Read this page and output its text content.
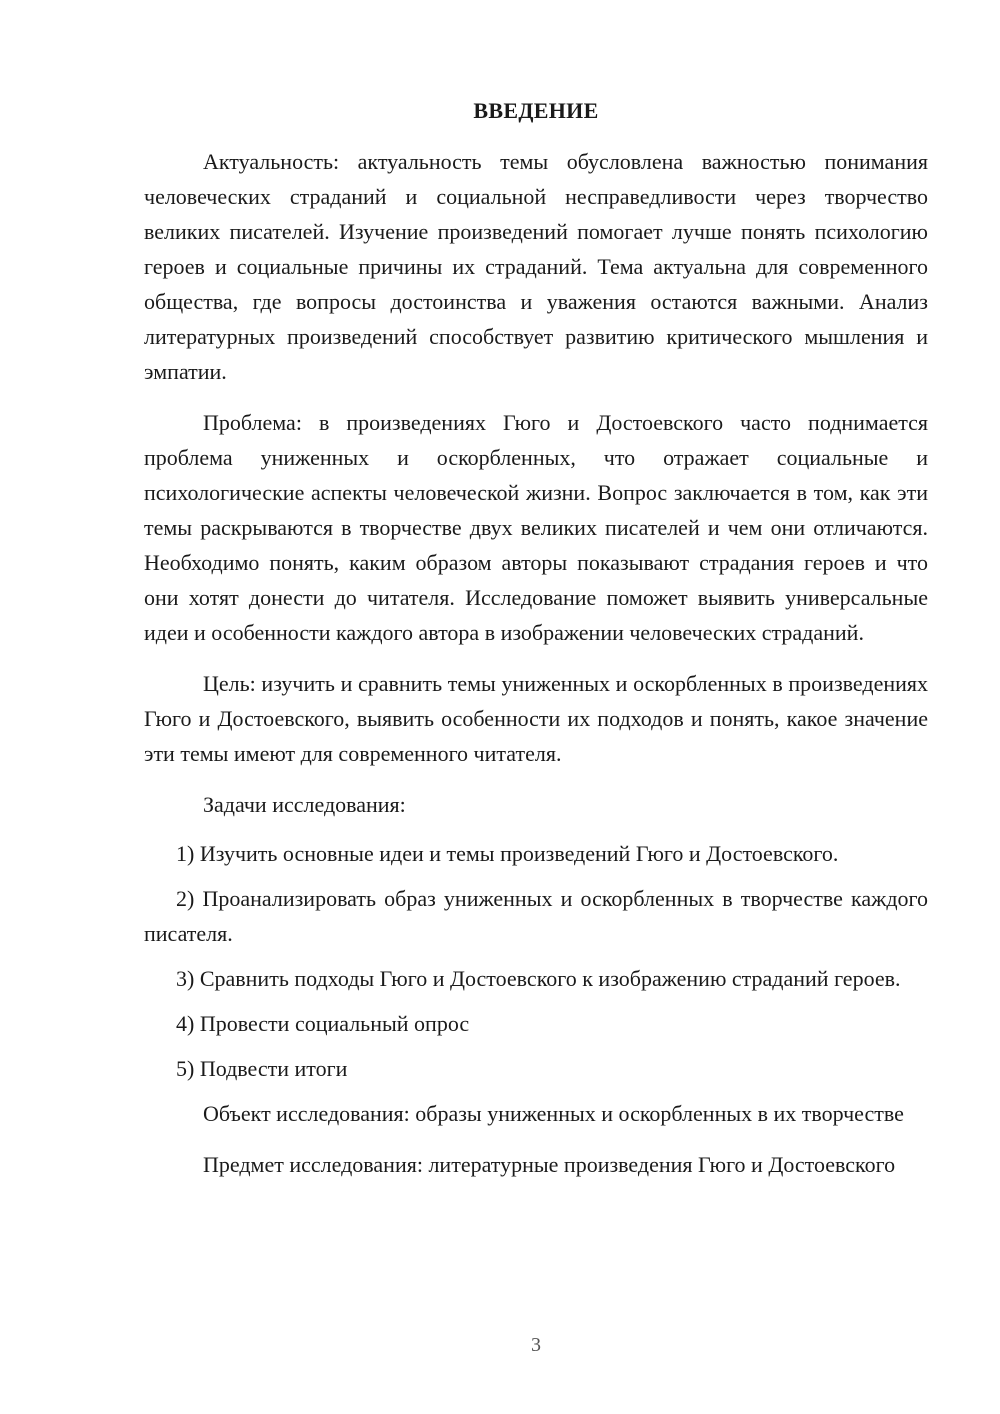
ВВЕДЕНИЕ

Актуальность: актуальность темы обусловлена важностью понимания человеческих страданий и социальной несправедливости через творчество великих писателей. Изучение произведений помогает лучше понять психологию героев и социальные причины их страданий. Тема актуальна для современного общества, где вопросы достоинства и уважения остаются важными. Анализ литературных произведений способствует развитию критического мышления и эмпатии.

Проблема: в произведениях Гюго и Достоевского часто поднимается проблема униженных и оскорбленных, что отражает социальные и психологические аспекты человеческой жизни. Вопрос заключается в том, как эти темы раскрываются в творчестве двух великих писателей и чем они отличаются. Необходимо понять, каким образом авторы показывают страдания героев и что они хотят донести до читателя. Исследование поможет выявить универсальные идеи и особенности каждого автора в изображении человеческих страданий.

Цель: изучить и сравнить темы униженных и оскорбленных в произведениях Гюго и Достоевского, выявить особенности их подходов и понять, какое значение эти темы имеют для современного читателя.

Задачи исследования:

1) Изучить основные идеи и темы произведений Гюго и Достоевского.

2) Проанализировать образ униженных и оскорбленных в творчестве каждого писателя.

3) Сравнить подходы Гюго и Достоевского к изображению страданий героев.

4) Провести социальный опрос

5) Подвести итоги

Объект исследования: образы униженных и оскорбленных в их творчестве

Предмет исследования: литературные произведения Гюго и Достоевского

3
